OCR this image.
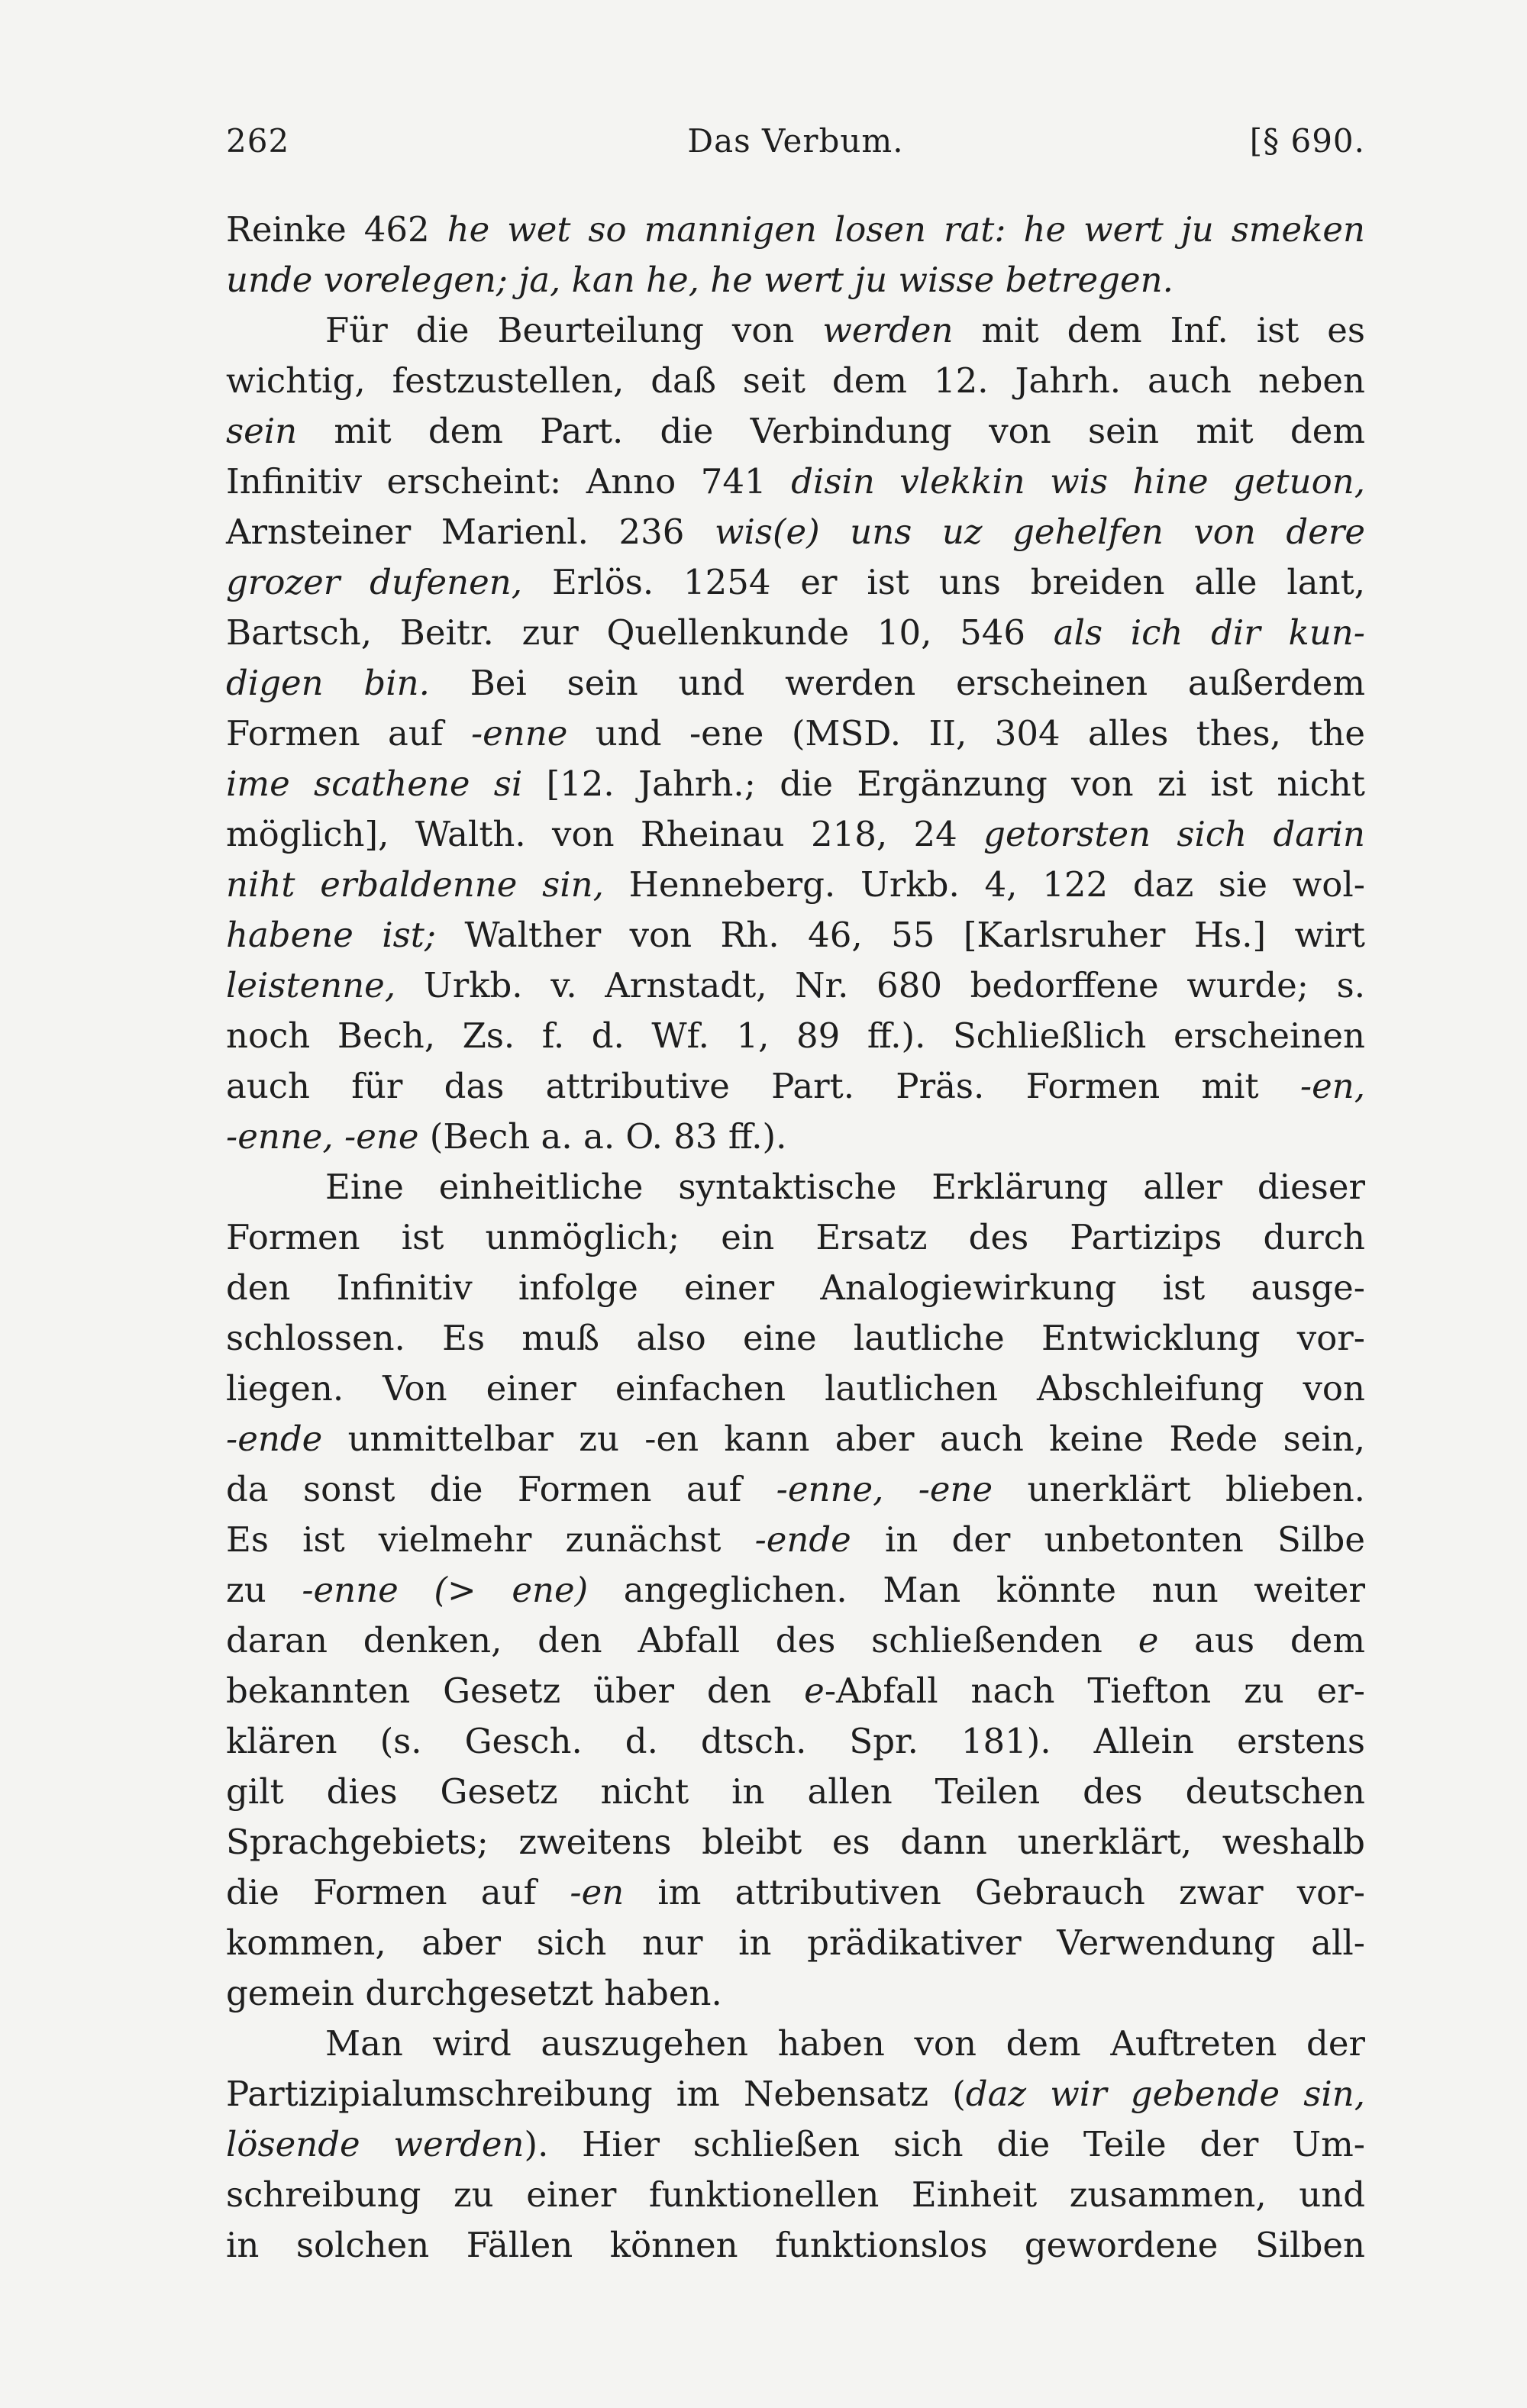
262	Das Verbum.	[§ 690.
Reinke 462 he wet so mannigen losen rat: he wert ju smeken
unde vorelegen; ja, kan he, he wert ju wisse betregen.
Für die Beurteilung von werden mit dem Inf. ist es
wichtig, festzustellen, daß seit dem 12. Jahrh. auch neben
sein mit dem Part. die Verbindung von sein mit dem
Infinitiv erscheint: Anno 741 disin vlekkin wis hine getuon,
Arnsteiner Marienl. 236 wis(e) uns uz gehelfen von dere
grozer dufenen, Erlös. 1254 er ist uns breiden alle lant,
Bartsch, Beitr. zur Quellenkunde 10, 546 als ich dir kun-
digen bin. Bei sein und werden erscheinen außerdem
Formen auf -enne und -ene (MSD. II, 304 alles thes, the
ime scathene si [12. Jahrh.; die Ergänzung von zi ist nicht
möglich], Walth. von Rheinau 218, 24 getorsten sich darin
niht erbaldenne sin, Henneberg. Urkb. 4, 122 daz sie wol-
habene ist; Walther von Rh. 46, 55 [Karlsruher Hs.] wirt
leistenne, Urkb. v. Arnstadt, Nr. 680 bedorffene wurde; s.
noch Bech, Zs. f. d. Wf. 1, 89 ff.). Schließlich erscheinen
auch für das attributive Part. Präs. Formen mit -en,
-enne, -ene (Bech a. a. O. 83 ff.).
Eine einheitliche syntaktische Erklärung aller dieser
Formen ist unmöglich; ein Ersatz des Partizips durch
den Infinitiv infolge einer Analogiewirkung ist ausge-
schlossen. Es muß also eine lautliche Entwicklung vor-
liegen. Von einer einfachen lautlichen Abschleifung von
-ende unmittelbar zu -en kann aber auch keine Rede sein,
da sonst die Formen auf -enne, -ene unerklärt blieben.
Es ist vielmehr zunächst -ende in der unbetonten Silbe
zu -enne (> ene) angeglichen. Man könnte nun weiter
daran denken, den Abfall des schließenden e aus dem
bekannten Gesetz über den e-Abfall nach Tiefton zu er-
klären (s. Gesch. d. dtsch. Spr. 181). Allein erstens
gilt dies Gesetz nicht in allen Teilen des deutschen
Sprachgebiets; zweitens bleibt es dann unerklärt, weshalb
die Formen auf -en im attributiven Gebrauch zwar vor-
kommen, aber sich nur in prädikativer Verwendung all-
gemein durchgesetzt haben.
Man wird auszugehen haben von dem Auftreten der
Partizipialumschreibung im Nebensatz (daz wir gebende sin,
lösende werden). Hier schließen sich die Teile der Um-
schreibung zu einer funktionellen Einheit zusammen, und
in solchen Fällen können funktionslos gewordene Silben
